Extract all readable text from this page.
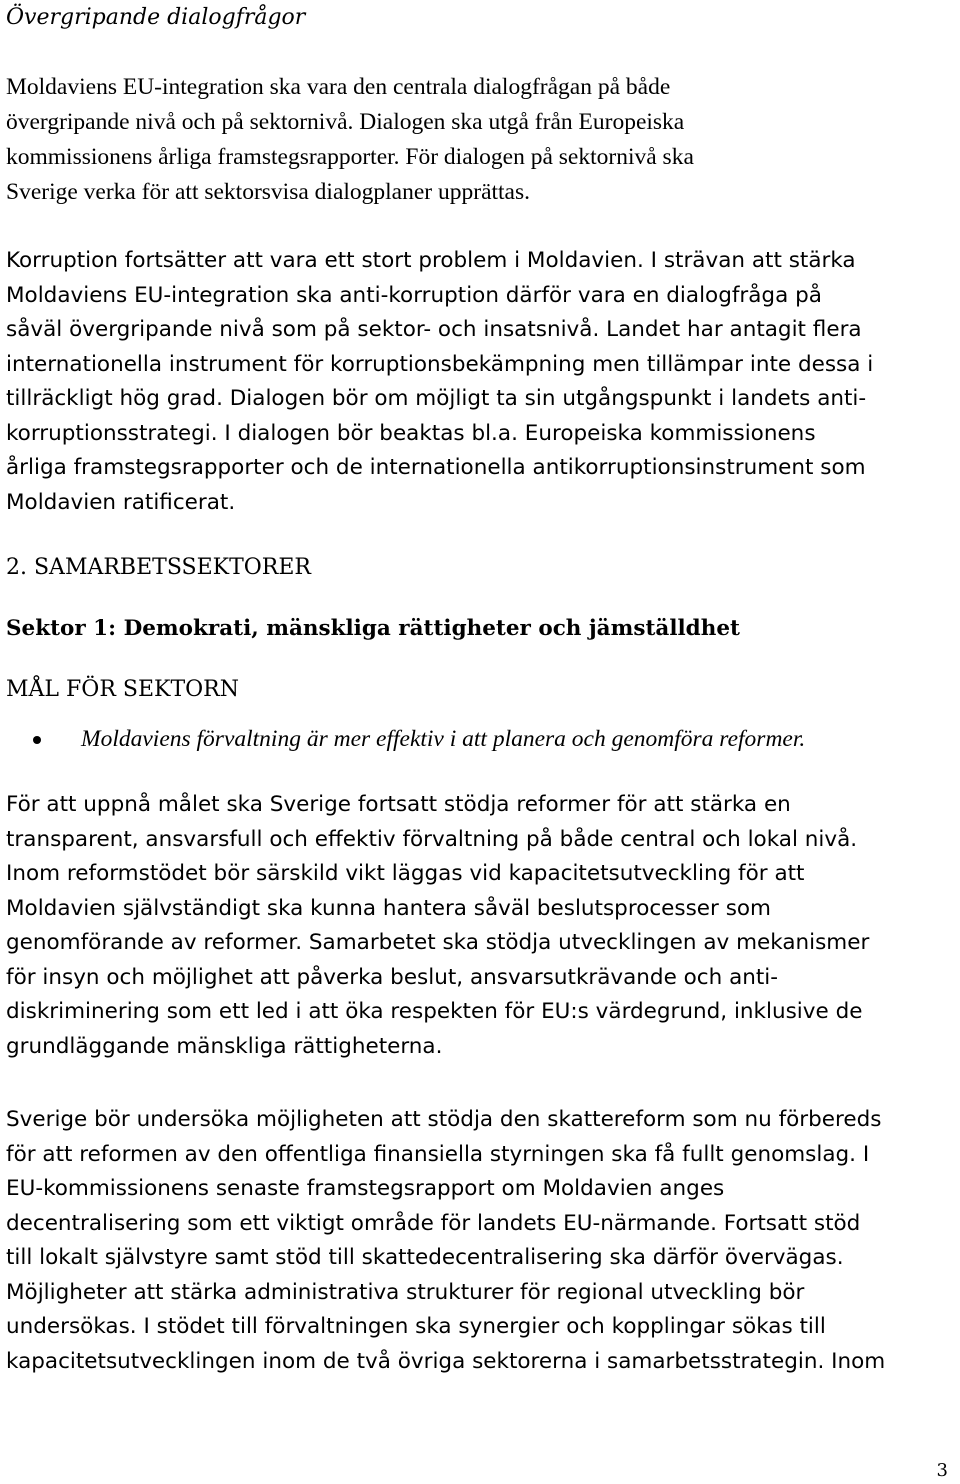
Övergripande dialogfrågor
Moldaviens EU-integration ska vara den centrala dialogfrågan på både
övergripande nivå och på sektornivå. Dialogen ska utgå från Europeiska
kommissionens årliga framstegsrapporter. För dialogen på sektornivå ska
Sverige verka för att sektorsvisa dialogplaner upprättas.
Korruption fortsätter att vara ett stort problem i Moldavien. I strävan att stärka
Moldaviens EU-integration ska anti-korruption därför vara en dialogfråga på
såväl övergripande nivå som på sektor- och insatsnivå. Landet har antagit flera
internationella instrument för korruptionsbekämpning men tillämpar inte dessa i
tillräckligt hög grad. Dialogen bör om möjligt ta sin utgångspunkt i landets anti-
korruptionsstrategi. I dialogen bör beaktas bl.a. Europeiska kommissionens
årliga framstegsrapporter och de internationella antikorruptionsinstrument som
Moldavien ratificerat.
2. SAMARBETSSEKTORER
Sektor 1: Demokrati, mänskliga rättigheter och jämställdhet
MÅL FÖR SEKTORN
Moldaviens förvaltning är mer effektiv i att planera och genomföra reformer.
För att uppnå målet ska Sverige fortsatt stödja reformer för att stärka en
transparent, ansvarsfull och effektiv förvaltning på både central och lokal nivå.
Inom reformstödet bör särskild vikt läggas vid kapacitetsutveckling för att
Moldavien självständigt ska kunna hantera såväl beslutsprocesser som
genomförande av reformer. Samarbetet ska stödja utvecklingen av mekanismer
för insyn och möjlighet att påverka beslut, ansvarsutkrävande och anti-
diskriminering som ett led i att öka respekten för EU:s värdegrund, inklusive de
grundläggande mänskliga rättigheterna.
Sverige bör undersöka möjligheten att stödja den skattereform som nu förbereds
för att reformen av den offentliga finansiella styrningen ska få fullt genomslag. I
EU-kommissionens senaste framstegsrapport om Moldavien anges
decentralisering som ett viktigt område för landets EU-närmande. Fortsatt stöd
till lokalt självstyre samt stöd till skattedecentralisering ska därför övervägas.
Möjligheter att stärka administrativa strukturer för regional utveckling bör
undersökas. I stödet till förvaltningen ska synergier och kopplingar sökas till
kapacitetsutvecklingen inom de två övriga sektorerna i samarbetsstrategin. Inom
3
